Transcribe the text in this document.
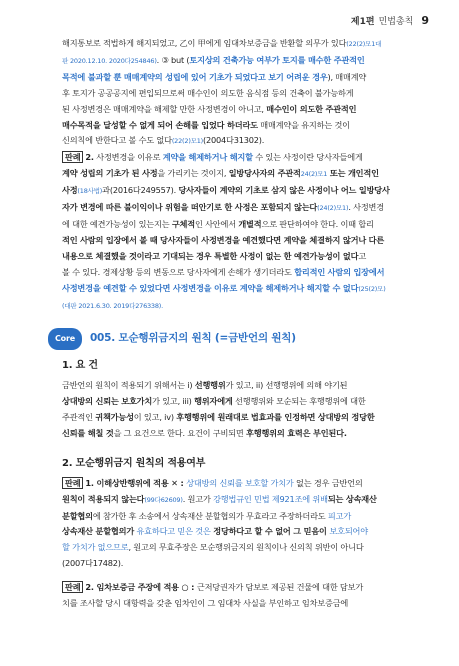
제1편 민법총칙 9

해지통보로 적법하게 해지되었고, 乙이 甲에게 임대차보증금을 반환할 의무가 있다(22(2)모1대
판 2020.12.10. 2020다254846). ③ but (토지상의 건축가능 여부가 토지를 매수한 주관적인
목적에 불과할 뿐 매매계약의 성립에 있어 기초가 되었다고 보기 어려운 경우), 매매계약
후 토지가 공공공지에 편입되므로써 매수인이 의도한 음식점 등의 건축이 불가능하게
된 사정변경은 매매계약을 해제할 만한 사정변경이 아니고, 매수인이 의도한 주관적인
매수목적을 달성할 수 없게 되어 손해를 입었다 하더라도 매매계약을 유지하는 것이
신의칙에 반한다고 볼 수도 없다(22(2)모1)(2004다31302).

판례 2. 사정변경을 이유로 계약을 해제하거나 해지할 수 있는 사정이란 당사자들에게
계약 성립의 기초가 된 사정을 가리키는 것이지, 일방당사자의 주관적24(2)모1 또는 개인적인
사정(18사법)과(2016다249557). 당사자들이 계약의 기초로 삼지 않은 사정이나 어느 일방당사
자가 변경에 따른 불이익이나 위험을 떠안기로 한 사정은 포함되지 않는다(24(2)모1). 사정변경
에 대한 예견가능성이 있는지는 구체적인 사안에서 개별적으로 판단하여야 한다. 이때 합리
적인 사람의 입장에서 볼 때 당사자들이 사정변경을 예견했다면 계약을 체결하지 않거나 다른
내용으로 체결했을 것이라고 기대되는 경우 특별한 사정이 없는 한 예견가능성이 없다고
볼 수 있다. 경제상황 등의 변동으로 당사자에게 손해가 생기더라도 합리적인 사람의 입장에서
사정변경을 예견할 수 있었다면 사정변경을 이유로 계약을 해제하거나 해지할 수 없다(25(2)모)
(대판 2021.6.30. 2019다276338).

Core	005. 모순행위금지의 원칙 (=금반언의 원칙)
1. 요 건

금반언의 원칙이 적용되기 위해서는 i) 선행행위가 있고, ii) 선행행위에 의해 야기된
상대방의 신뢰는 보호가치가 있고, iii) 행위자에게 선행행위와 모순되는 후행행위에 대한
주관적인 귀책가능성이 있고, iv) 후행행위에 원래대로 법효과를 인정하면 상대방의 정당한
신뢰를 해칠 것을 그 요건으로 한다. 요건이 구비되면 후행행위의 효력은 부인된다.

2. 모순행위금지 원칙의 적용여부

판례 1. 이해상반행위에 적용 ✕ : 상대방의 신뢰를 보호할 가치가 없는 경우 금반언의
원칙이 적용되지 않는다(99다62609). 원고가 강행법규인 민법 제921조에 위배되는 상속재산
분할협의에 참가한 후 소송에서 상속재산 분할협의가 무효라고 주장하더라도 피고가
상속재산 분할협의가 유효하다고 믿은 것은 정당하다고 할 수 없어 그 믿음이 보호되어야
할 가치가 없으므로, 원고의 무효주장은 모순행위금지의 원칙이나 신의칙 위반이 아니다
(2007다17482).

판례 2. 임차보증금 주장에 적용 ○ : 근저당권자가 담보로 제공된 건물에 대한 담보가
치를 조사할 당시 대항력을 갖춘 임차인이 그 임대차 사실을 부인하고 임차보증금에
